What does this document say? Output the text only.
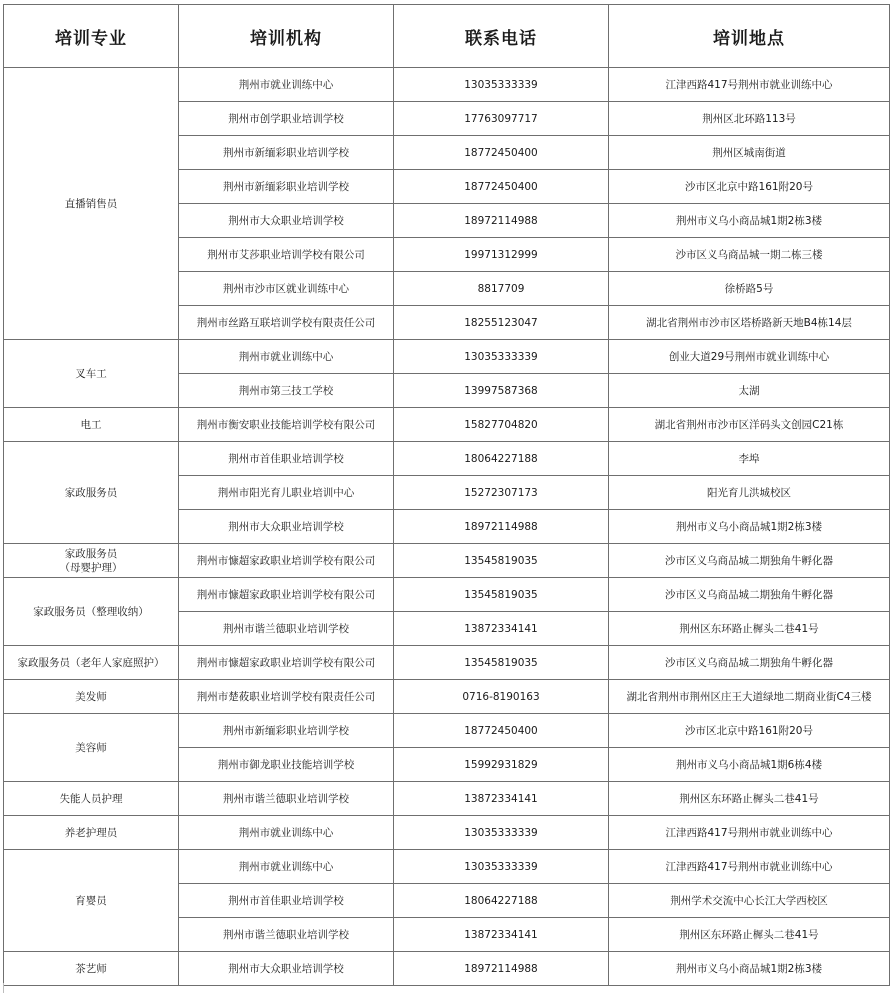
培训专业	培训机构	联系电话	培训地点
直播销售员	荆州市就业训练中心	13035333339	江津西路417号荆州市就业训练中心
	荆州市创学职业培训学校	17763097717	荆州区北环路113号
	荆州市新缅彩职业培训学校	18772450400	荆州区城南街道
	荆州市新缅彩职业培训学校	18772450400	沙市区北京中路161附20号
	荆州市大众职业培训学校	18972114988	荆州市义乌小商品城1期2栋3楼
	荆州市艾莎职业培训学校有限公司	19971312999	沙市区义乌商品城一期二栋三楼
	荆州市沙市区就业训练中心	8817709	徐桥路5号
	荆州市丝路互联培训学校有限责任公司	18255123047	湖北省荆州市沙市区塔桥路新天地B4栋14层
叉车工	荆州市就业训练中心	13035333339	创业大道29号荆州市就业训练中心
	荆州市第三技工学校	13997587368	太湖
电工	荆州市衡安职业技能培训学校有限公司	15827704820	湖北省荆州市沙市区洋码头文创园C21栋
家政服务员	荆州市首佳职业培训学校	18064227188	李埠
	荆州市阳光育儿职业培训中心	15272307173	阳光育儿洪城校区
	荆州市大众职业培训学校	18972114988	荆州市义乌小商品城1期2栋3楼
家政服务员
（母婴护理）	荆州市慷超家政职业培训学校有限公司	13545819035	沙市区义乌商品城二期独角牛孵化器
家政服务员（整理收纳）	荆州市慷超家政职业培训学校有限公司	13545819035	沙市区义乌商品城二期独角牛孵化器
	荆州市谐兰德职业培训学校	13872334141	荆州区东环路止樨头二巷41号
家政服务员（老年人家庭照护）	荆州市慷超家政职业培训学校有限公司	13545819035	沙市区义乌商品城二期独角牛孵化器
美发师	荆州市楚莜职业培训学校有限责任公司	0716-8190163	湖北省荆州市荆州区庄王大道绿地二期商业街C4三楼
美容师	荆州市新缅彩职业培训学校	18772450400	沙市区北京中路161附20号
	荆州市御龙职业技能培训学校	15992931829	荆州市义乌小商品城1期6栋4楼
失能人员护理	荆州市谐兰德职业培训学校	13872334141	荆州区东环路止樨头二巷41号
养老护理员	荆州市就业训练中心	13035333339	江津西路417号荆州市就业训练中心
育婴员	荆州市就业训练中心	13035333339	江津西路417号荆州市就业训练中心
	荆州市首佳职业培训学校	18064227188	荆州学术交流中心长江大学西校区
	荆州市谐兰德职业培训学校	13872334141	荆州区东环路止樨头二巷41号
茶艺师	荆州市大众职业培训学校	18972114988	荆州市义乌小商品城1期2栋3楼
